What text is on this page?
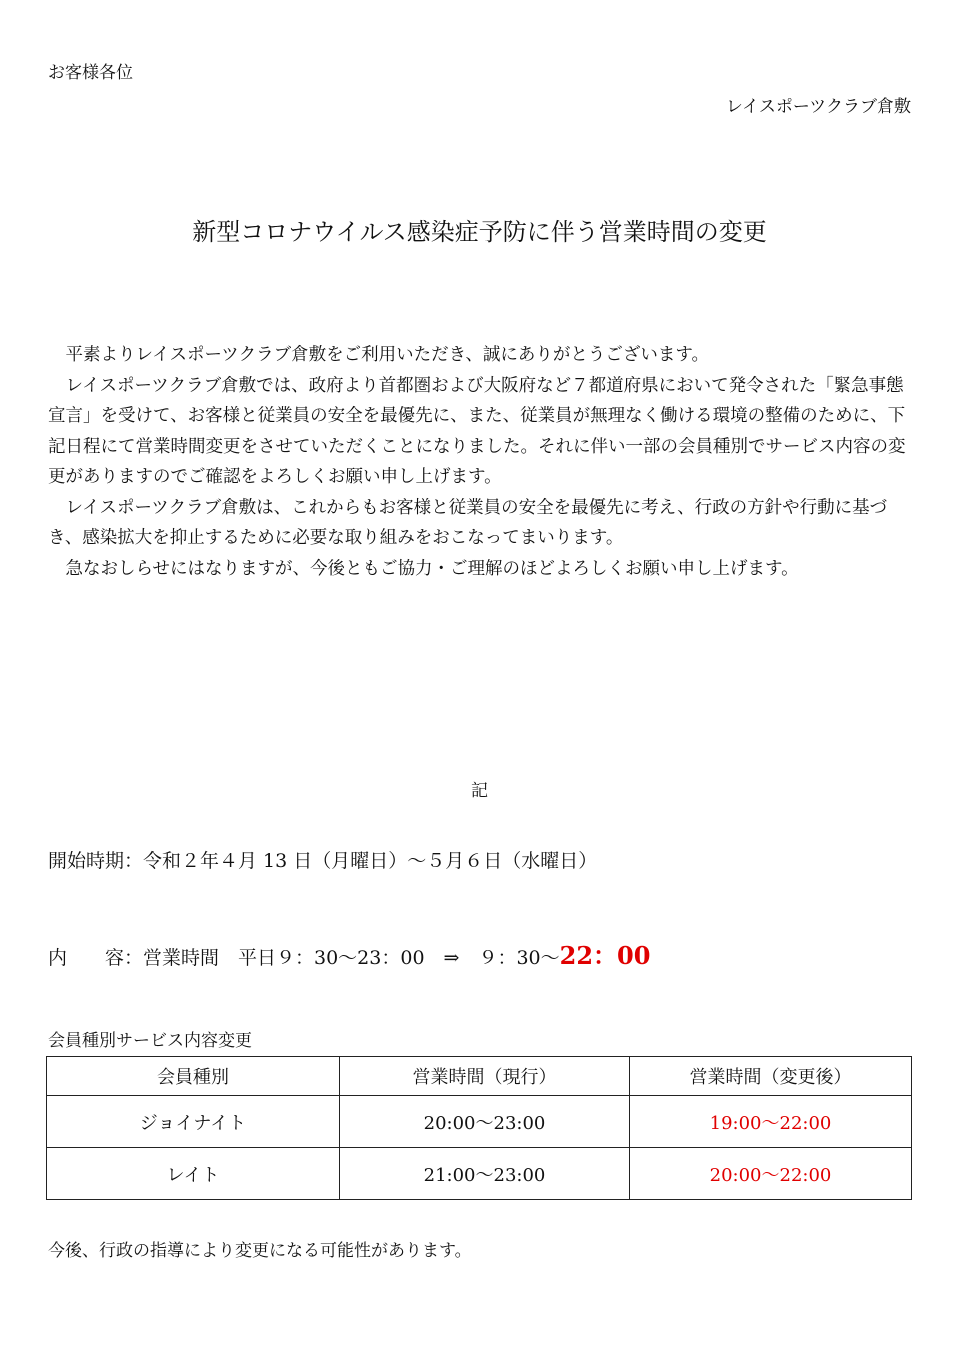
お客様各位
レイスポーツクラブ倉敷
新型コロナウイルス感染症予防に伴う営業時間の変更

平素よりレイスポーツクラブ倉敷をご利用いただき、誠にありがとうございます。

レイスポーツクラブ倉敷では、政府より首都圏および大阪府など７都道府県において発令された「緊急事態宣言」を受けて、お客様と従業員の安全を最優先に、また、従業員が無理なく働ける環境の整備のために、下記日程にて営業時間変更をさせていただくことになりました。それに伴い一部の会員種別でサービス内容の変更がありますのでご確認をよろしくお願い申し上げます。

レイスポーツクラブ倉敷は、これからもお客様と従業員の安全を最優先に考え、行政の方針や行動に基づき、感染拡大を抑止するために必要な取り組みをおこなってまいります。

急なおしらせにはなりますが、今後ともご協力・ご理解のほどよろしくお願い申し上げます。

記
開始時期：令和２年４月 13 日（月曜日）～５月６日（水曜日）
内　　容：営業時間　平日９：30～23：00　⇒　９：30～22：00
会員種別サービス内容変更
会員種別	営業時間（現行）	営業時間（変更後）
ジョイナイト	20:00～23:00	19:00～22:00
レイト	21:00～23:00	20:00～22:00
今後、行政の指導により変更になる可能性があります。
